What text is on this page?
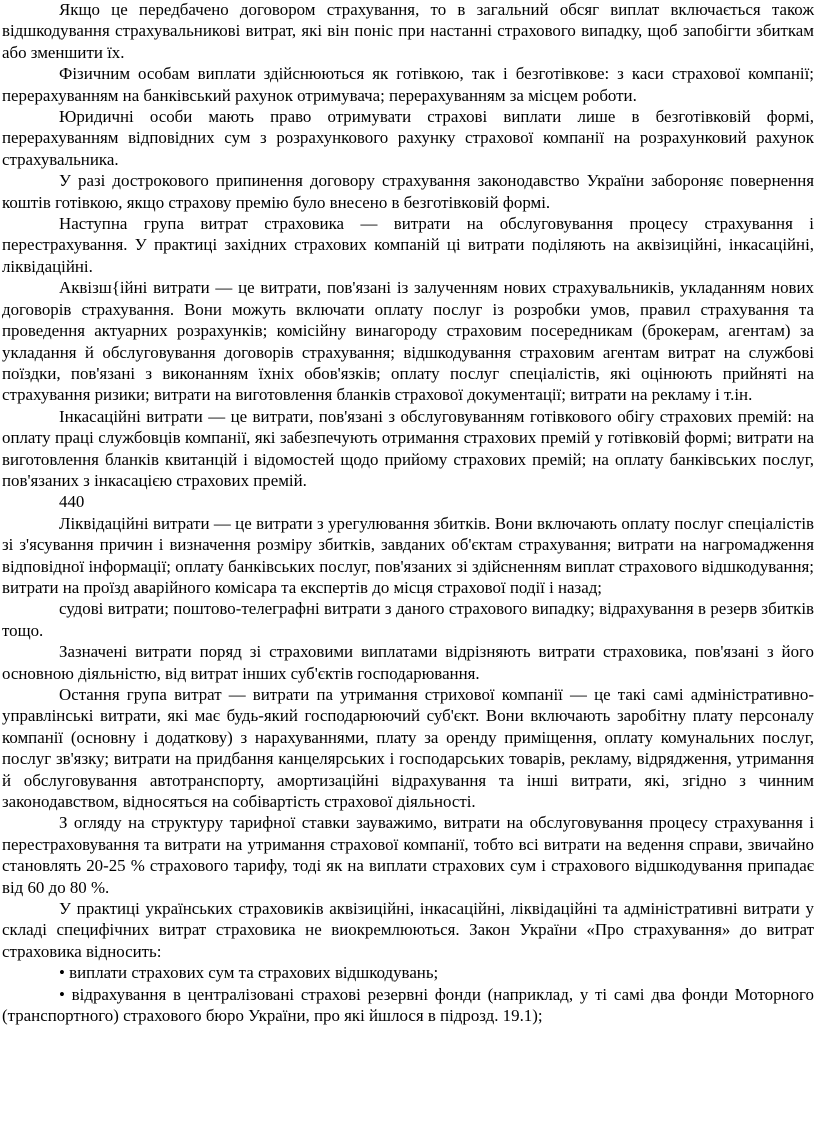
Якщо це передбачено договором страхування, то в загальний обсяг виплат включається також відшкодування страхувальникові витрат, які він поніс при настанні страхового випадку, щоб запобігти збиткам або зменшити їх.

Фізичним особам виплати здійснюються як готівкою, так і безготівкове: з каси страхової компанії; перерахуванням на банківський рахунок отримувача; перерахуванням за місцем роботи.

Юридичні особи мають право отримувати страхові виплати лише в безготівковій формі, перерахуванням відповідних сум з розрахункового рахунку страхової компанії на розрахунковий рахунок страхувальника.

У разі дострокового припинення договору страхування законодавство України забороняє повернення коштів готівкою, якщо страхову премію було внесено в безготівковій формі.

Наступна група витрат страховика — витрати на обслуговування процесу страхування і перестрахування. У практиці західних страхових компаній ці витрати поділяють на аквізиційні, інкасаційні, ліквідаційні.

Аквізш{ійні витрати — це витрати, пов'язані із залученням нових страхувальників, укладанням нових договорів страхування. Вони можуть включати оплату послуг із розробки умов, правил страхування та проведення актуарних розрахунків; комісійну винагороду страховим посередникам (брокерам, агентам) за укладання й обслуговування договорів страхування; відшкодування страховим агентам витрат на службові поїздки, пов'язані з виконанням їхніх обов'язків; оплату послуг спеціалістів, які оцінюють прийняті на страхування ризики; витрати на виготовлення бланків страхової документації; витрати на рекламу і т.ін.

Інкасаційні витрати — це витрати, пов'язані з обслуговуванням готівкового обігу страхових премій: на оплату праці службовців компанії, які забезпечують отримання страхових премій у готівковій формі; витрати на виготовлення бланків квитанцій і відомостей щодо прийому страхових премій; на оплату банківських послуг, пов'язаних з інкасацією страхових премій.

440

Ліквідаційні витрати — це витрати з урегулювання збитків. Вони включають оплату послуг спеціалістів зі з'ясування причин і визначення розміру збитків, завданих об'єктам страхування; витрати на нагромадження відповідної інформації; оплату банківських послуг, пов'язаних зі здійсненням виплат страхового відшкодування; витрати на проїзд аварійного комісара та експертів до місця страхової події і назад;

судові витрати; поштово-телеграфні витрати з даного страхового випадку; відрахування в резерв збитків тощо.

Зазначені витрати поряд зі страховими виплатами відрізняють витрати страховика, пов'язані з його основною діяльністю, від витрат інших суб'єктів господарювання.

Остання група витрат — витрати па утримання стрихової компанії — це такі самі адміністративно-управлінські витрати, які має будь-який господарюючий суб'єкт. Вони включають заробітну плату персоналу компанії (основну і додаткову) з нарахуваннями, плату за оренду приміщення, оплату комунальних послуг, послуг зв'язку; витрати на придбання канцелярських і господарських товарів, рекламу, відрядження, утримання й обслуговування автотранспорту, амортизаційні відрахування та інші витрати, які, згідно з чинним законодавством, відносяться на собівартість страхової діяльності.

З огляду на структуру тарифної ставки зауважимо, витрати на обслуговування процесу страхування і перестраховування та витрати на утримання страхової компанії, тобто всі витрати на ведення справи, звичайно становлять 20-25 % страхового тарифу, тоді як на виплати страхових сум і страхового відшкодування припадає від 60 до 80 %.

У практиці українських страховиків аквізиційні, інкасаційні, ліквідаційні та адміністративні витрати у складі специфічних витрат страховика не виокремлюються. Закон України «Про страхування» до витрат страховика відносить:

• виплати страхових сум та страхових відшкодувань;

• відрахування в централізовані страхові резервні фонди (наприклад, у ті самі два фонди Моторного (транспортного) страхового бюро України, про які йшлося в підрозд. 19.1);
